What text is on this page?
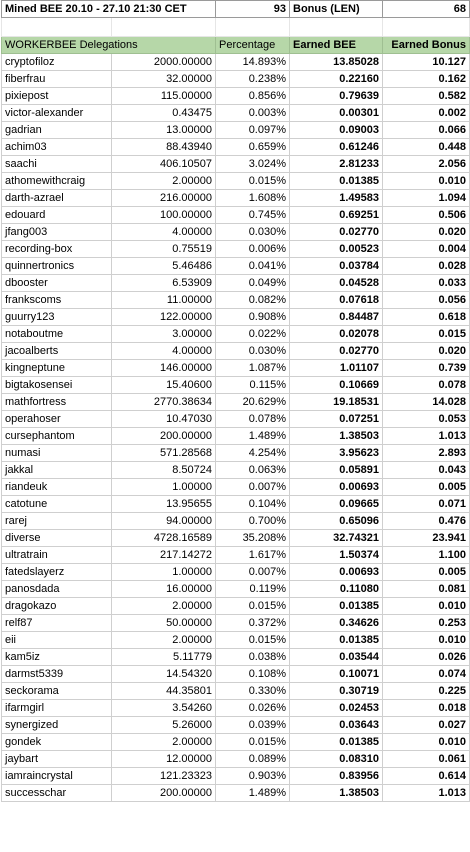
Mined BEE 20.10 - 27.10 21:30 CET		93	Bonus (LEN)	68

WORKERBEE Delegations		Percentage	Earned BEE	Earned Bonus
cryptofiloz	2000.00000	14.893%	13.85028	10.127
fiberfrau	32.00000	0.238%	0.22160	0.162
pixiepost	115.00000	0.856%	0.79639	0.582
victor-alexander	0.43475	0.003%	0.00301	0.002
gadrian	13.00000	0.097%	0.09003	0.066
achim03	88.43940	0.659%	0.61246	0.448
saachi	406.10507	3.024%	2.81233	2.056
athomewithcraig	2.00000	0.015%	0.01385	0.010
darth-azrael	216.00000	1.608%	1.49583	1.094
edouard	100.00000	0.745%	0.69251	0.506
jfang003	4.00000	0.030%	0.02770	0.020
recording-box	0.75519	0.006%	0.00523	0.004
quinnertronics	5.46486	0.041%	0.03784	0.028
dbooster	6.53909	0.049%	0.04528	0.033
frankscoms	11.00000	0.082%	0.07618	0.056
guurry123	122.00000	0.908%	0.84487	0.618
notaboutme	3.00000	0.022%	0.02078	0.015
jacoalberts	4.00000	0.030%	0.02770	0.020
kingneptune	146.00000	1.087%	1.01107	0.739
bigtakosensei	15.40600	0.115%	0.10669	0.078
mathfortress	2770.38634	20.629%	19.18531	14.028
operahoser	10.47030	0.078%	0.07251	0.053
cursephantom	200.00000	1.489%	1.38503	1.013
numasi	571.28568	4.254%	3.95623	2.893
jakkal	8.50724	0.063%	0.05891	0.043
riandeuk	1.00000	0.007%	0.00693	0.005
catotune	13.95655	0.104%	0.09665	0.071
rarej	94.00000	0.700%	0.65096	0.476
diverse	4728.16589	35.208%	32.74321	23.941
ultratrain	217.14272	1.617%	1.50374	1.100
fatedslayerz	1.00000	0.007%	0.00693	0.005
panosdada	16.00000	0.119%	0.11080	0.081
dragokazo	2.00000	0.015%	0.01385	0.010
relf87	50.00000	0.372%	0.34626	0.253
eii	2.00000	0.015%	0.01385	0.010
kam5iz	5.11779	0.038%	0.03544	0.026
darmst5339	14.54320	0.108%	0.10071	0.074
seckorama	44.35801	0.330%	0.30719	0.225
ifarmgirl	3.54260	0.026%	0.02453	0.018
synergized	5.26000	0.039%	0.03643	0.027
gondek	2.00000	0.015%	0.01385	0.010
jaybart	12.00000	0.089%	0.08310	0.061
iamraincrystal	121.23323	0.903%	0.83956	0.614
successchar	200.00000	1.489%	1.38503	1.013
